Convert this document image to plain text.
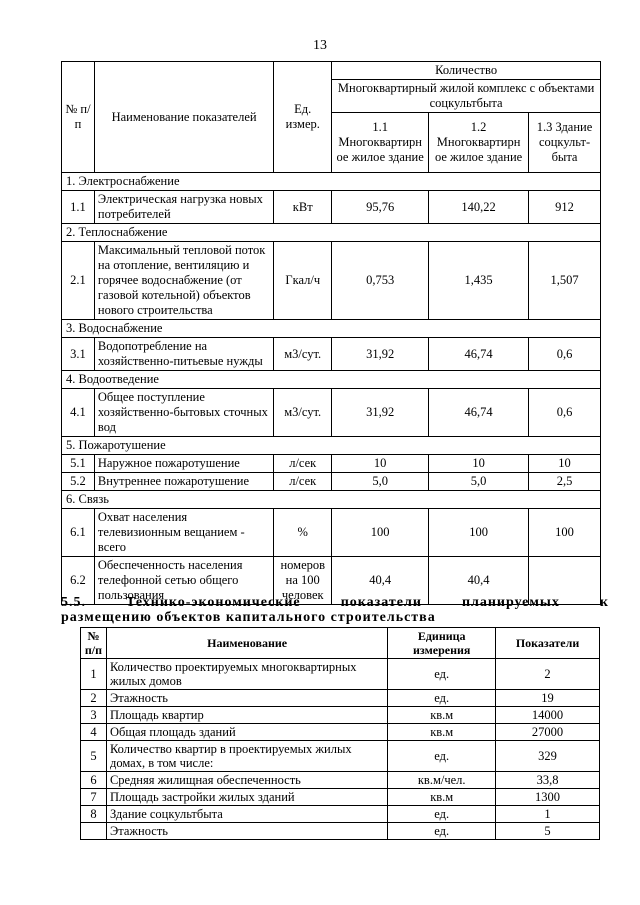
13
№ п/п	Наименование показателей	Ед. измер.	Количество		
			Многоквартирный жилой комплекс с объектами соцкультбыта		
			1.1 Многоквартирн ое жилое здание	1.2 Многоквартирн ое жилое здание	1.3 Здание соцкульт-быта
1. Электроснабжение					
1.1	Электрическая нагрузка новых потребителей	кВт	95,76	140,22	912
2. Теплоснабжение					
2.1	Максимальный тепловой поток на отопление, вентиляцию и горячее водоснабжение (от газовой котельной) объектов нового строительства	Гкал/ч	0,753	1,435	1,507
3. Водоснабжение					
3.1	Водопотребление на хозяйственно-питьевые нужды	м3/сут.	31,92	46,74	0,6
4. Водоотведение					
4.1	Общее поступление хозяйственно-бытовых сточных вод	м3/сут.	31,92	46,74	0,6
5. Пожаротушение					
5.1	Наружное пожаротушение	л/сек	10	10	10
5.2	Внутреннее пожаротушение	л/сек	5,0	5,0	2,5
6. Связь					
6.1	Охват населения телевизионным вещанием - всего	%	100	100	100
6.2	Обеспеченность населения телефонной сетью общего пользования	номеров на 100 человек	40,4	40,4	
5.5.	Технико-экономические	показатели	планируемых	к
размещению объектов капитального строительства
№ п/п	Наименование	Единица измерения	Показатели
1	Количество проектируемых многоквартирных жилых домов	ед.	2
2	Этажность	ед.	19
3	Площадь квартир	кв.м	14000
4	Общая площадь зданий	кв.м	27000
5	Количество квартир в проектируемых жилых домах, в том числе:	ед.	329
6	Средняя жилищная обеспеченность	кв.м/чел.	33,8
7	Площадь застройки жилых зданий	кв.м	1300
8	Здание соцкультбыта	ед.	1
	Этажность	ед.	5
